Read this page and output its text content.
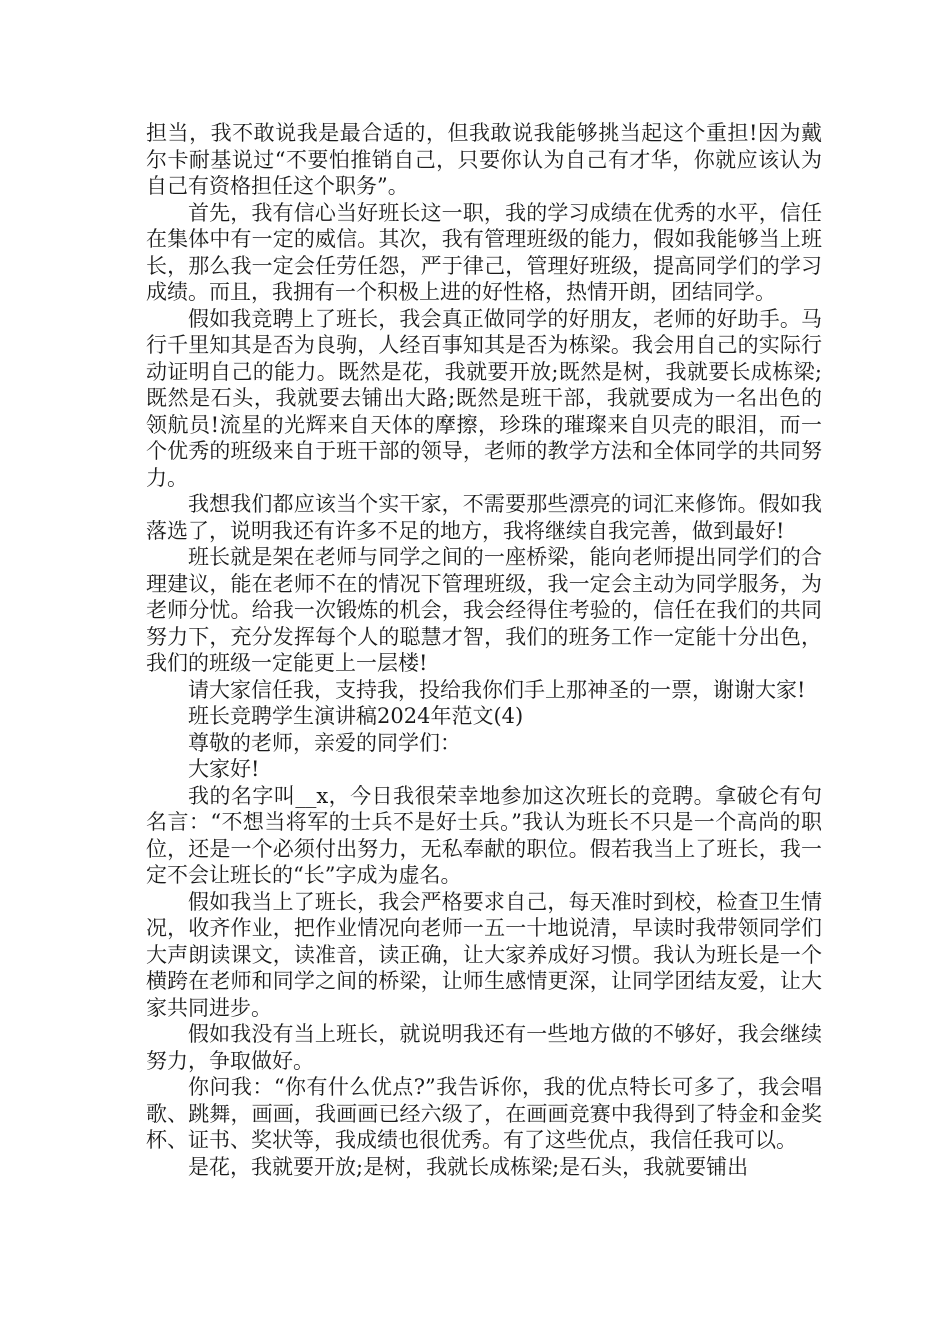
担当，我不敢说我是最合适的，但我敢说我能够挑当起这个重担!因为戴尔卡耐基说过“不要怕推销自己，只要你认为自己有才华，你就应该认为自己有资格担任这个职务”。

首先，我有信心当好班长这一职，我的学习成绩在优秀的水平，信任在集体中有一定的威信。其次，我有管理班级的能力，假如我能够当上班长，那么我一定会任劳任怨，严于律己，管理好班级，提高同学们的学习成绩。而且，我拥有一个积极上进的好性格，热情开朗，团结同学。

假如我竞聘上了班长，我会真正做同学的好朋友，老师的好助手。马行千里知其是否为良驹，人经百事知其是否为栋梁。我会用自己的实际行动证明自己的能力。既然是花，我就要开放;既然是树，我就要长成栋梁;既然是石头，我就要去铺出大路;既然是班干部，我就要成为一名出色的领航员!流星的光辉来自天体的摩擦，珍珠的璀璨来自贝壳的眼泪，而一个优秀的班级来自于班干部的领导，老师的教学方法和全体同学的共同努力。

我想我们都应该当个实干家，不需要那些漂亮的词汇来修饰。假如我落选了，说明我还有许多不足的地方，我将继续自我完善，做到最好!

班长就是架在老师与同学之间的一座桥梁，能向老师提出同学们的合理建议，能在老师不在的情况下管理班级，我一定会主动为同学服务，为老师分忧。给我一次锻炼的机会，我会经得住考验的，信任在我们的共同努力下，充分发挥每个人的聪慧才智，我们的班务工作一定能十分出色，我们的班级一定能更上一层楼!

请大家信任我，支持我，投给我你们手上那神圣的一票，谢谢大家!

班长竞聘学生演讲稿2024年范文(4)

尊敬的老师，亲爱的同学们：

大家好!

我的名字叫__x，今日我很荣幸地参加这次班长的竞聘。拿破仑有句名言：“不想当将军的士兵不是好士兵。”我认为班长不只是一个高尚的职位，还是一个必须付出努力，无私奉献的职位。假若我当上了班长，我一定不会让班长的“长”字成为虚名。

假如我当上了班长，我会严格要求自己，每天准时到校，检查卫生情况，收齐作业，把作业情况向老师一五一十地说清，早读时我带领同学们大声朗读课文，读准音，读正确，让大家养成好习惯。我认为班长是一个横跨在老师和同学之间的桥梁，让师生感情更深，让同学团结友爱，让大家共同进步。

假如我没有当上班长，就说明我还有一些地方做的不够好，我会继续努力，争取做好。

你问我：“你有什么优点?”我告诉你，我的优点特长可多了，我会唱歌、跳舞，画画，我画画已经六级了，在画画竞赛中我得到了特金和金奖杯、证书、奖状等，我成绩也很优秀。有了这些优点，我信任我可以。

是花，我就要开放;是树，我就长成栋梁;是石头，我就要铺出
